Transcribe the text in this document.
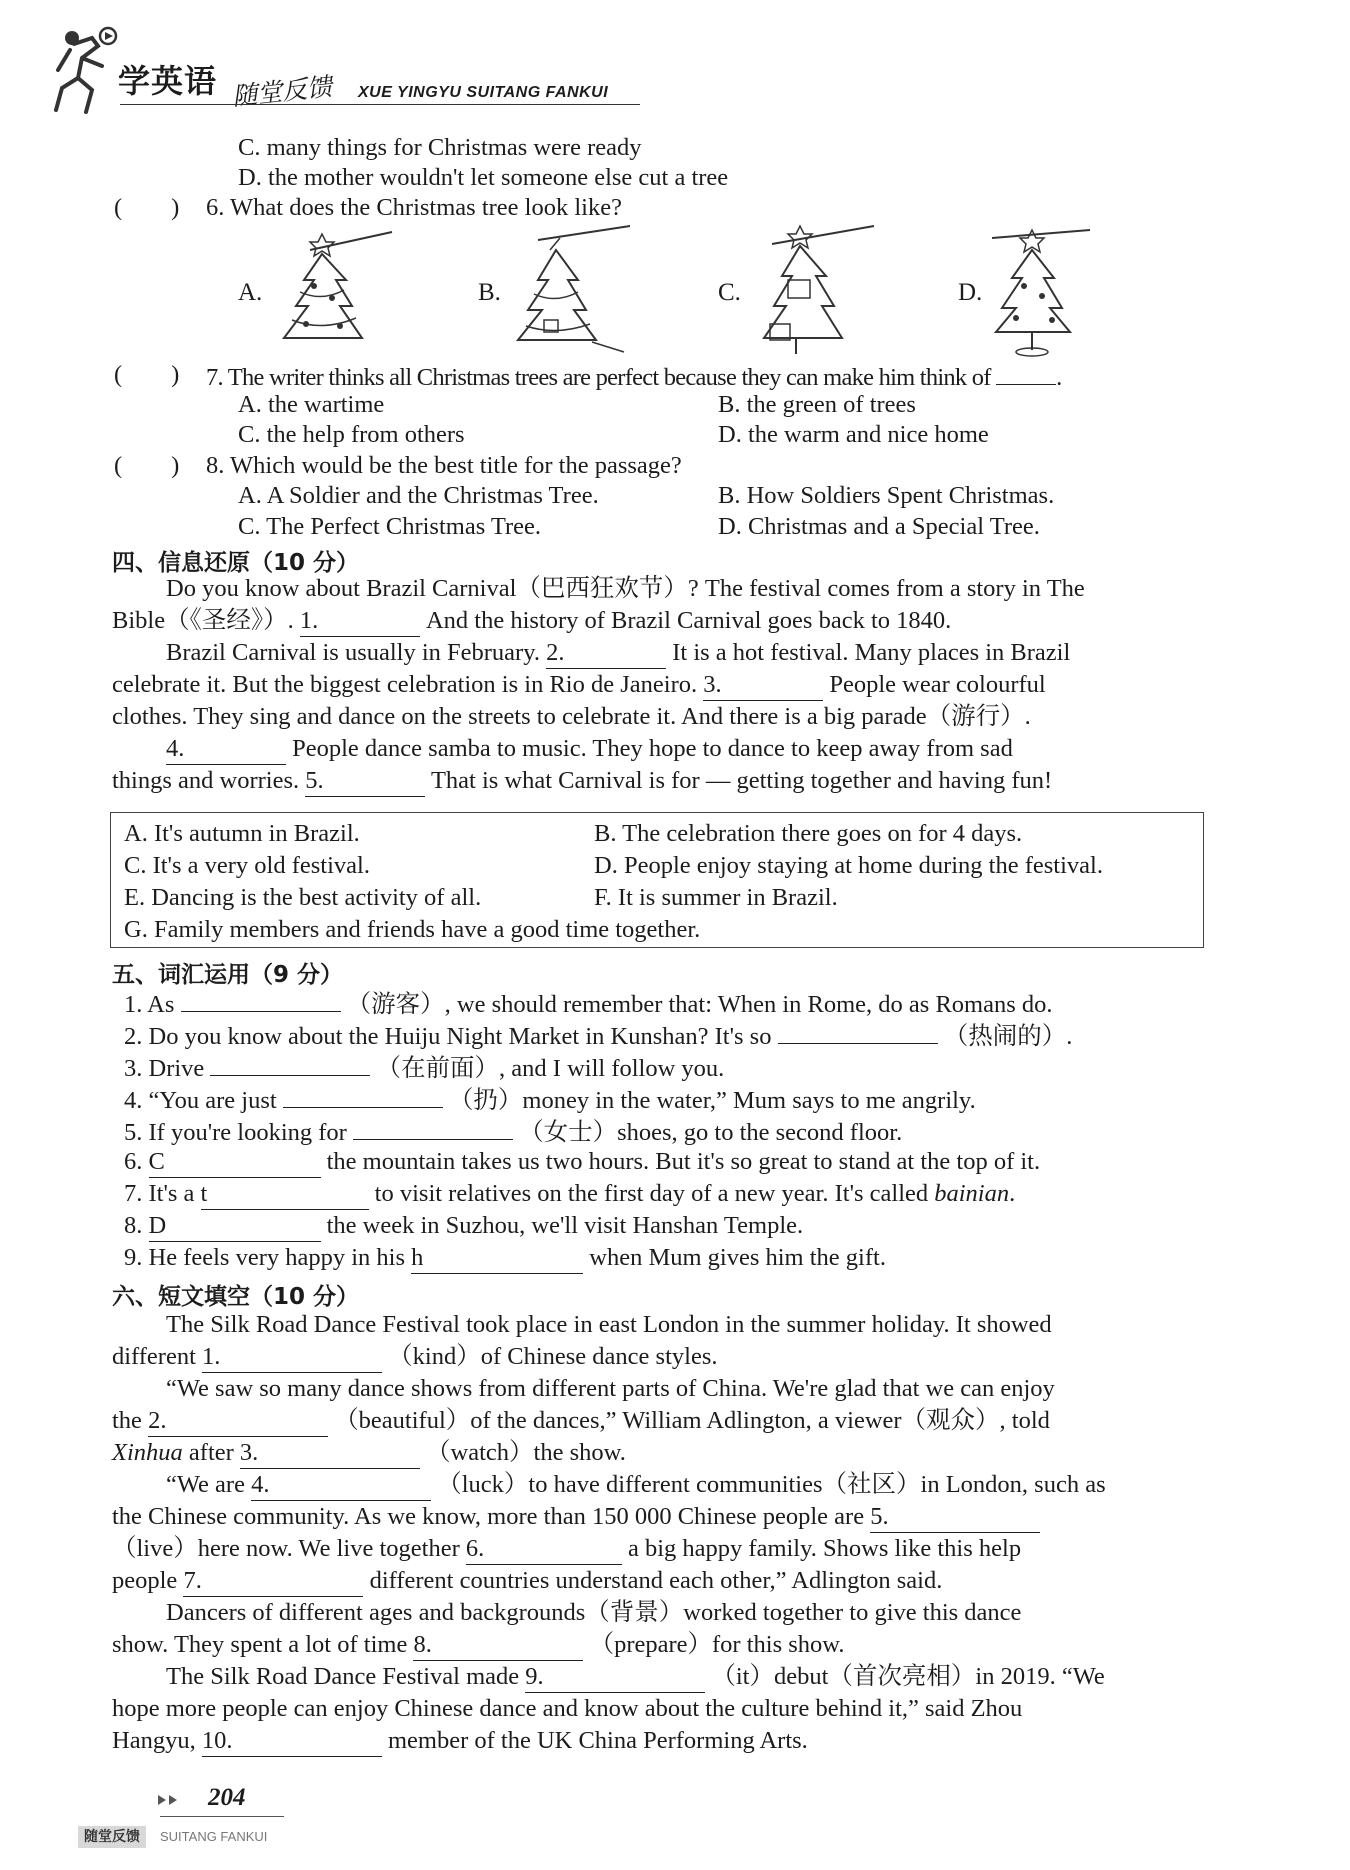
学英语 随堂反馈 XUE YINGYU SUITANG FANKUI
C. many things for Christmas were ready
D. the mother wouldn't let someone else cut a tree
(　　) 6. What does the Christmas tree look like?
A.	B.	C.	D.
(　　) 7. The writer thinks all Christmas trees are perfect because they can make him think of	.
A. the wartime	B. the green of trees
C. the help from others	D. the warm and nice home
(　　) 8. Which would be the best title for the passage?
A. A Soldier and the Christmas Tree.	B. How Soldiers Spent Christmas.
C. The Perfect Christmas Tree.	D. Christmas and a Special Tree.
四、信息还原（10 分）
Do you know about Brazil Carnival（巴西狂欢节）? The festival comes from a story in The
Bible（《圣经》）. 1.	And the history of Brazil Carnival goes back to 1840.
Brazil Carnival is usually in February. 2.	It is a hot festival. Many places in Brazil
celebrate it. But the biggest celebration is in Rio de Janeiro. 3.	People wear colourful
clothes. They sing and dance on the streets to celebrate it. And there is a big parade（游行）.
4.	People dance samba to music. They hope to dance to keep away from sad
things and worries. 5.	That is what Carnival is for — getting together and having fun!
A. It's autumn in Brazil.	B. The celebration there goes on for 4 days.
C. It's a very old festival.	D. People enjoy staying at home during the festival.
E. Dancing is the best activity of all.	F. It is summer in Brazil.
G. Family members and friends have a good time together.
五、词汇运用（9 分）
1. As	（游客）, we should remember that: When in Rome, do as Romans do.
2. Do you know about the Huiju Night Market in Kunshan? It's so	（热闹的）.
3. Drive	（在前面）, and I will follow you.
4. “You are just	（扔）money in the water,” Mum says to me angrily.
5. If you're looking for	（女士）shoes, go to the second floor.
6. C	the mountain takes us two hours. But it's so great to stand at the top of it.
7. It's a t	to visit relatives on the first day of a new year. It's called bainian.
8. D	the week in Suzhou, we'll visit Hanshan Temple.
9. He feels very happy in his h	when Mum gives him the gift.
六、短文填空（10 分）
The Silk Road Dance Festival took place in east London in the summer holiday. It showed
different 1.	（kind）of Chinese dance styles.
“We saw so many dance shows from different parts of China. We're glad that we can enjoy
the 2.	（beautiful）of the dances,” William Adlington, a viewer（观众）, told
Xinhua after 3.	（watch）the show.
“We are 4.	（luck）to have different communities（社区）in London, such as
the Chinese community. As we know, more than 150 000 Chinese people are 5.
（live）here now. We live together 6.	a big happy family. Shows like this help
people 7.	different countries understand each other,” Adlington said.
Dancers of different ages and backgrounds（背景）worked together to give this dance
show. They spent a lot of time 8.	（prepare）for this show.
The Silk Road Dance Festival made 9.	（it）debut（首次亮相）in 2019. “We
hope more people can enjoy Chinese dance and know about the culture behind it,” said Zhou
Hangyu, 10.	member of the UK China Performing Arts.
204
随堂反馈	SUITANG FANKUI
